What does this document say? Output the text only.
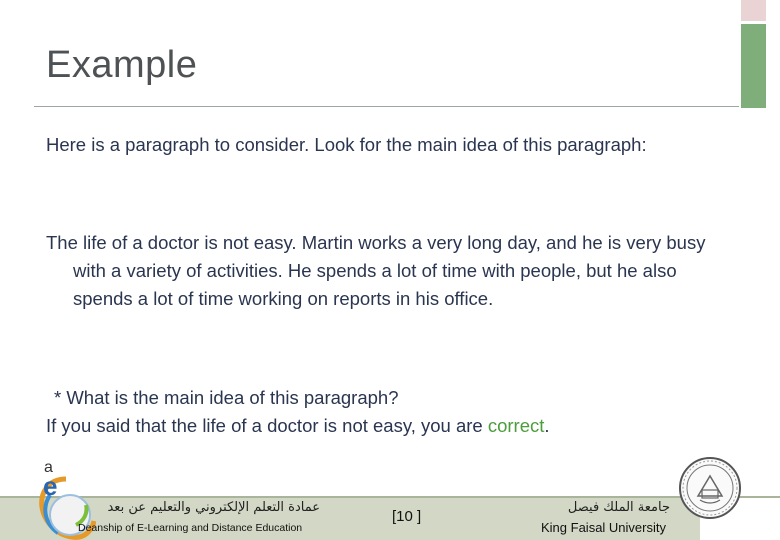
Example

Here is a paragraph to consider. Look for the main idea of this paragraph:

The life of a doctor is not easy. Martin works a very long day, and he is very busy with a variety of activities. He spends a lot of time with people, but he also spends a lot of time working on reports in his office.

* What is the main idea of this paragraph?
If you said that the life of a doctor is not easy, you are correct.
a
e
عمادة التعلم الإلكتروني والتعليم عن بعد
Deanship of E-Learning and Distance Education
[10 ]
جامعة الملك فيصل
King Faisal University
